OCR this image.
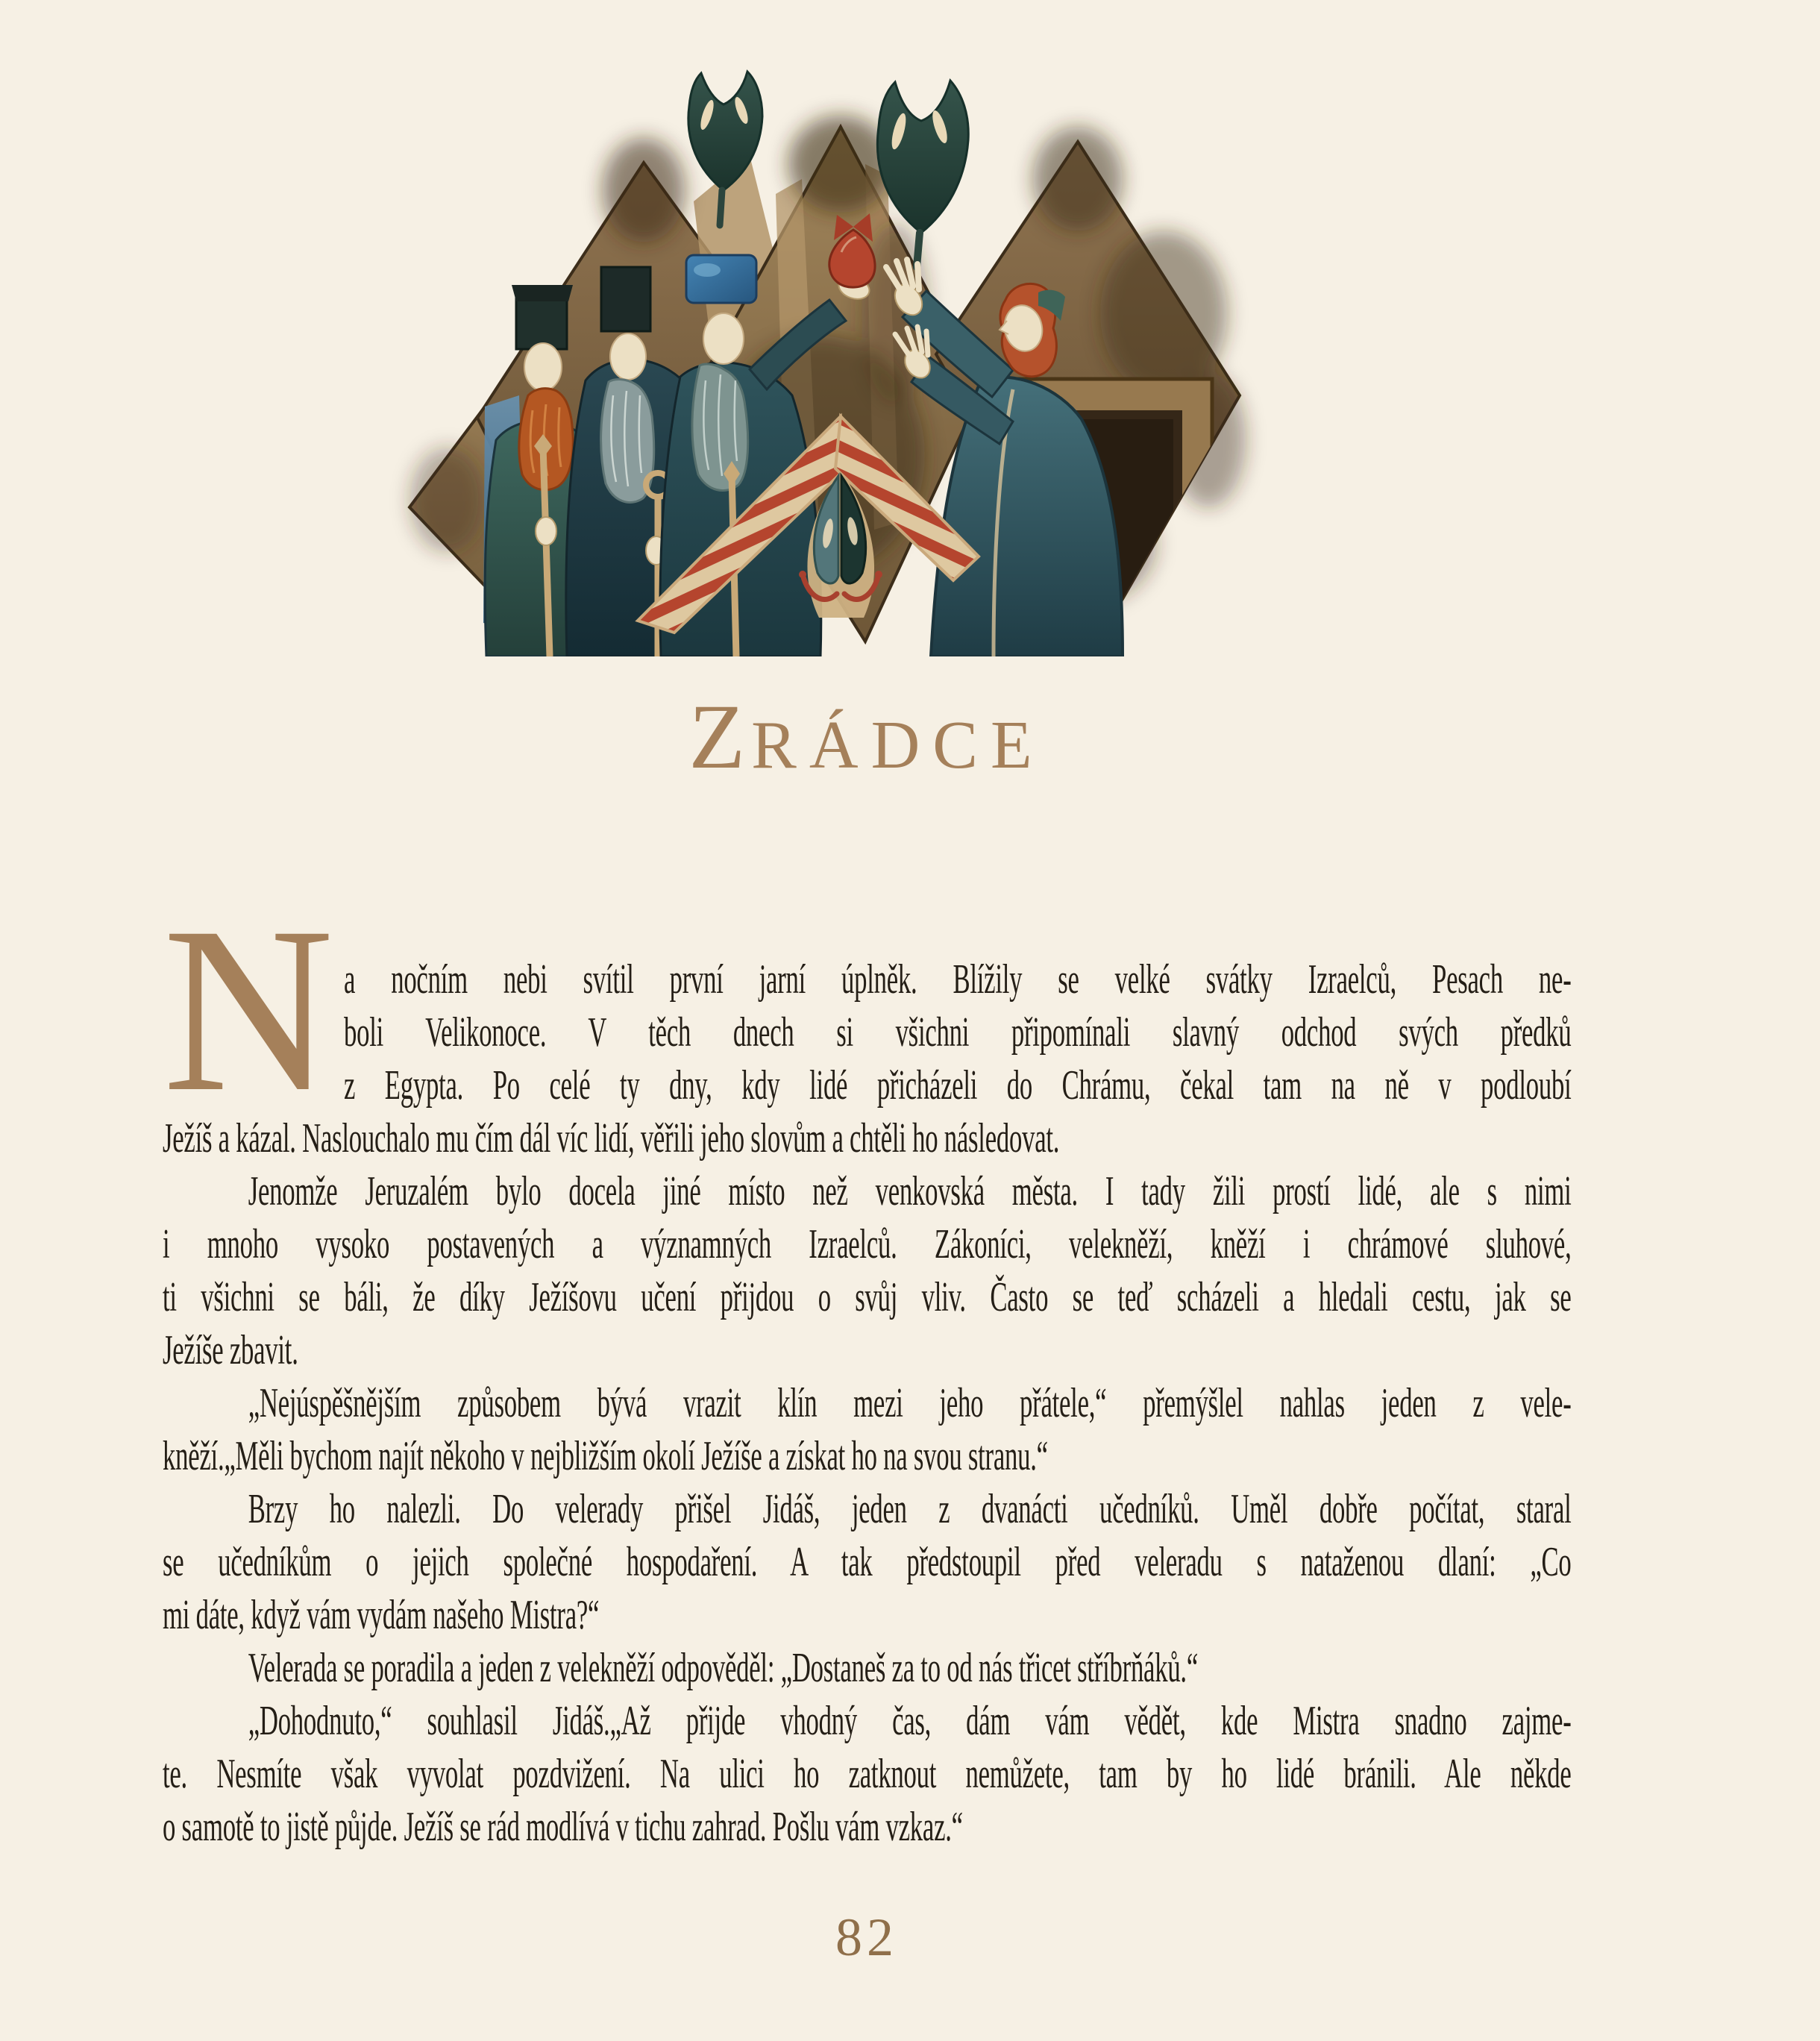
ZRÁDCE
N a nočním nebi svítil první jarní úplněk. Blížily se velké svátky Izraelců, Pesach ne-
boli Velikonoce. V těch dnech si všichni připomínali slavný odchod svých předků
z Egypta. Po celé ty dny, kdy lidé přicházeli do Chrámu, čekal tam na ně v podloubí
Ježíš a kázal. Naslouchalo mu čím dál víc lidí, věřili jeho slovům a chtěli ho následovat.
Jenomže Jeruzalém bylo docela jiné místo než venkovská města. I tady žili prostí lidé, ale s nimi
i mnoho vysoko postavených a významných Izraelců. Zákoníci, velekněží, kněží i chrámové sluhové,
ti všichni se báli, že díky Ježíšovu učení přijdou o svůj vliv. Často se teď scházeli a hledali cestu, jak se
Ježíše zbavit.
„Nejúspěšnějším způsobem bývá vrazit klín mezi jeho přátele,“ přemýšlel nahlas jeden z vele-
kněží.„Měli bychom najít někoho v nejbližším okolí Ježíše a získat ho na svou stranu.“
Brzy ho nalezli. Do velerady přišel Jidáš, jeden z dvanácti učedníků. Uměl dobře počítat, staral
se učedníkům o jejich společné hospodaření. A tak předstoupil před veleradu s nataženou dlaní: „Co
mi dáte, když vám vydám našeho Mistra?“
Velerada se poradila a jeden z velekněží odpověděl: „Dostaneš za to od nás třicet stříbrňáků.“
„Dohodnuto,“ souhlasil Jidáš.„Až přijde vhodný čas, dám vám vědět, kde Mistra snadno zajme-
te. Nesmíte však vyvolat pozdvižení. Na ulici ho zatknout nemůžete, tam by ho lidé bránili. Ale někde
o samotě to jistě půjde. Ježíš se rád modlívá v tichu zahrad. Pošlu vám vzkaz.“
82
